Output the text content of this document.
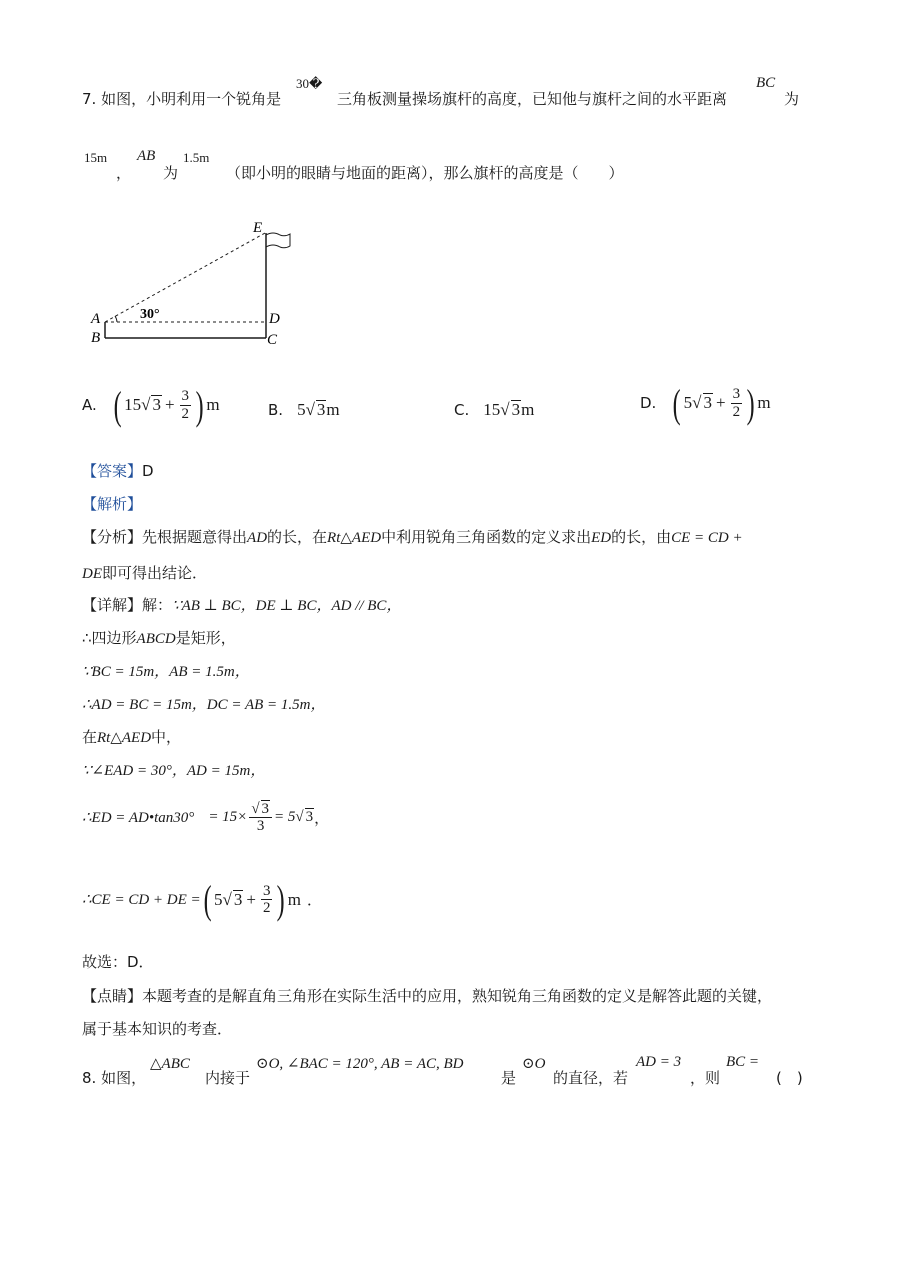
7. 如图，小明利用一个锐角是
30�
三角板测量操场旗杆的高度，已知他与旗杆之间的水平距离
BC
为
15m
，
AB
为
1.5m
（即小明的眼睛与地面的距离），那么旗杆的高度是（　　）
E
A
B
D
C
30°
A. ( 15 √ $3 + \frac{3}{2}$ ) m	B. 5 √ 3 m	C. 15 √ 3 m	D. ( 5 √ $3 + \frac{3}{2}$ ) m
【答案】D
【解析】
【分析】先根据题意得出AD的长，在Rt△AED中利用锐角三角函数的定义求出ED的长，由CE = CD +
DE即可得出结论．
【详解】解：∵AB ⊥ BC，DE ⊥ BC，AD // BC，
∴四边形ABCD是矩形，
∵BC = 15m，AB = 1.5m，
∴AD = BC = 15m，DC = AB = 1.5m，
在Rt△AED中，
∵∠EAD = 30°，AD = 15m，
∴ED = AD•tan30° = $15\times \frac{√ 3}{3} = 5$ √ 3 ，
∴CE = CD + DE = ( 5 √ $3 + \frac{3}{2}$ ) m ．
故选：D．
【点睛】本题考查的是解直角三角形在实际生活中的应用，熟知锐角三角函数的定义是解答此题的关键，
属于基本知识的考查．
8. 如图，
△ABC
内接于
⊙O, ∠BAC = 120°, AB = AC, BD
是
⊙O
的直径，若
AD = 3
，则
BC =
(　)
